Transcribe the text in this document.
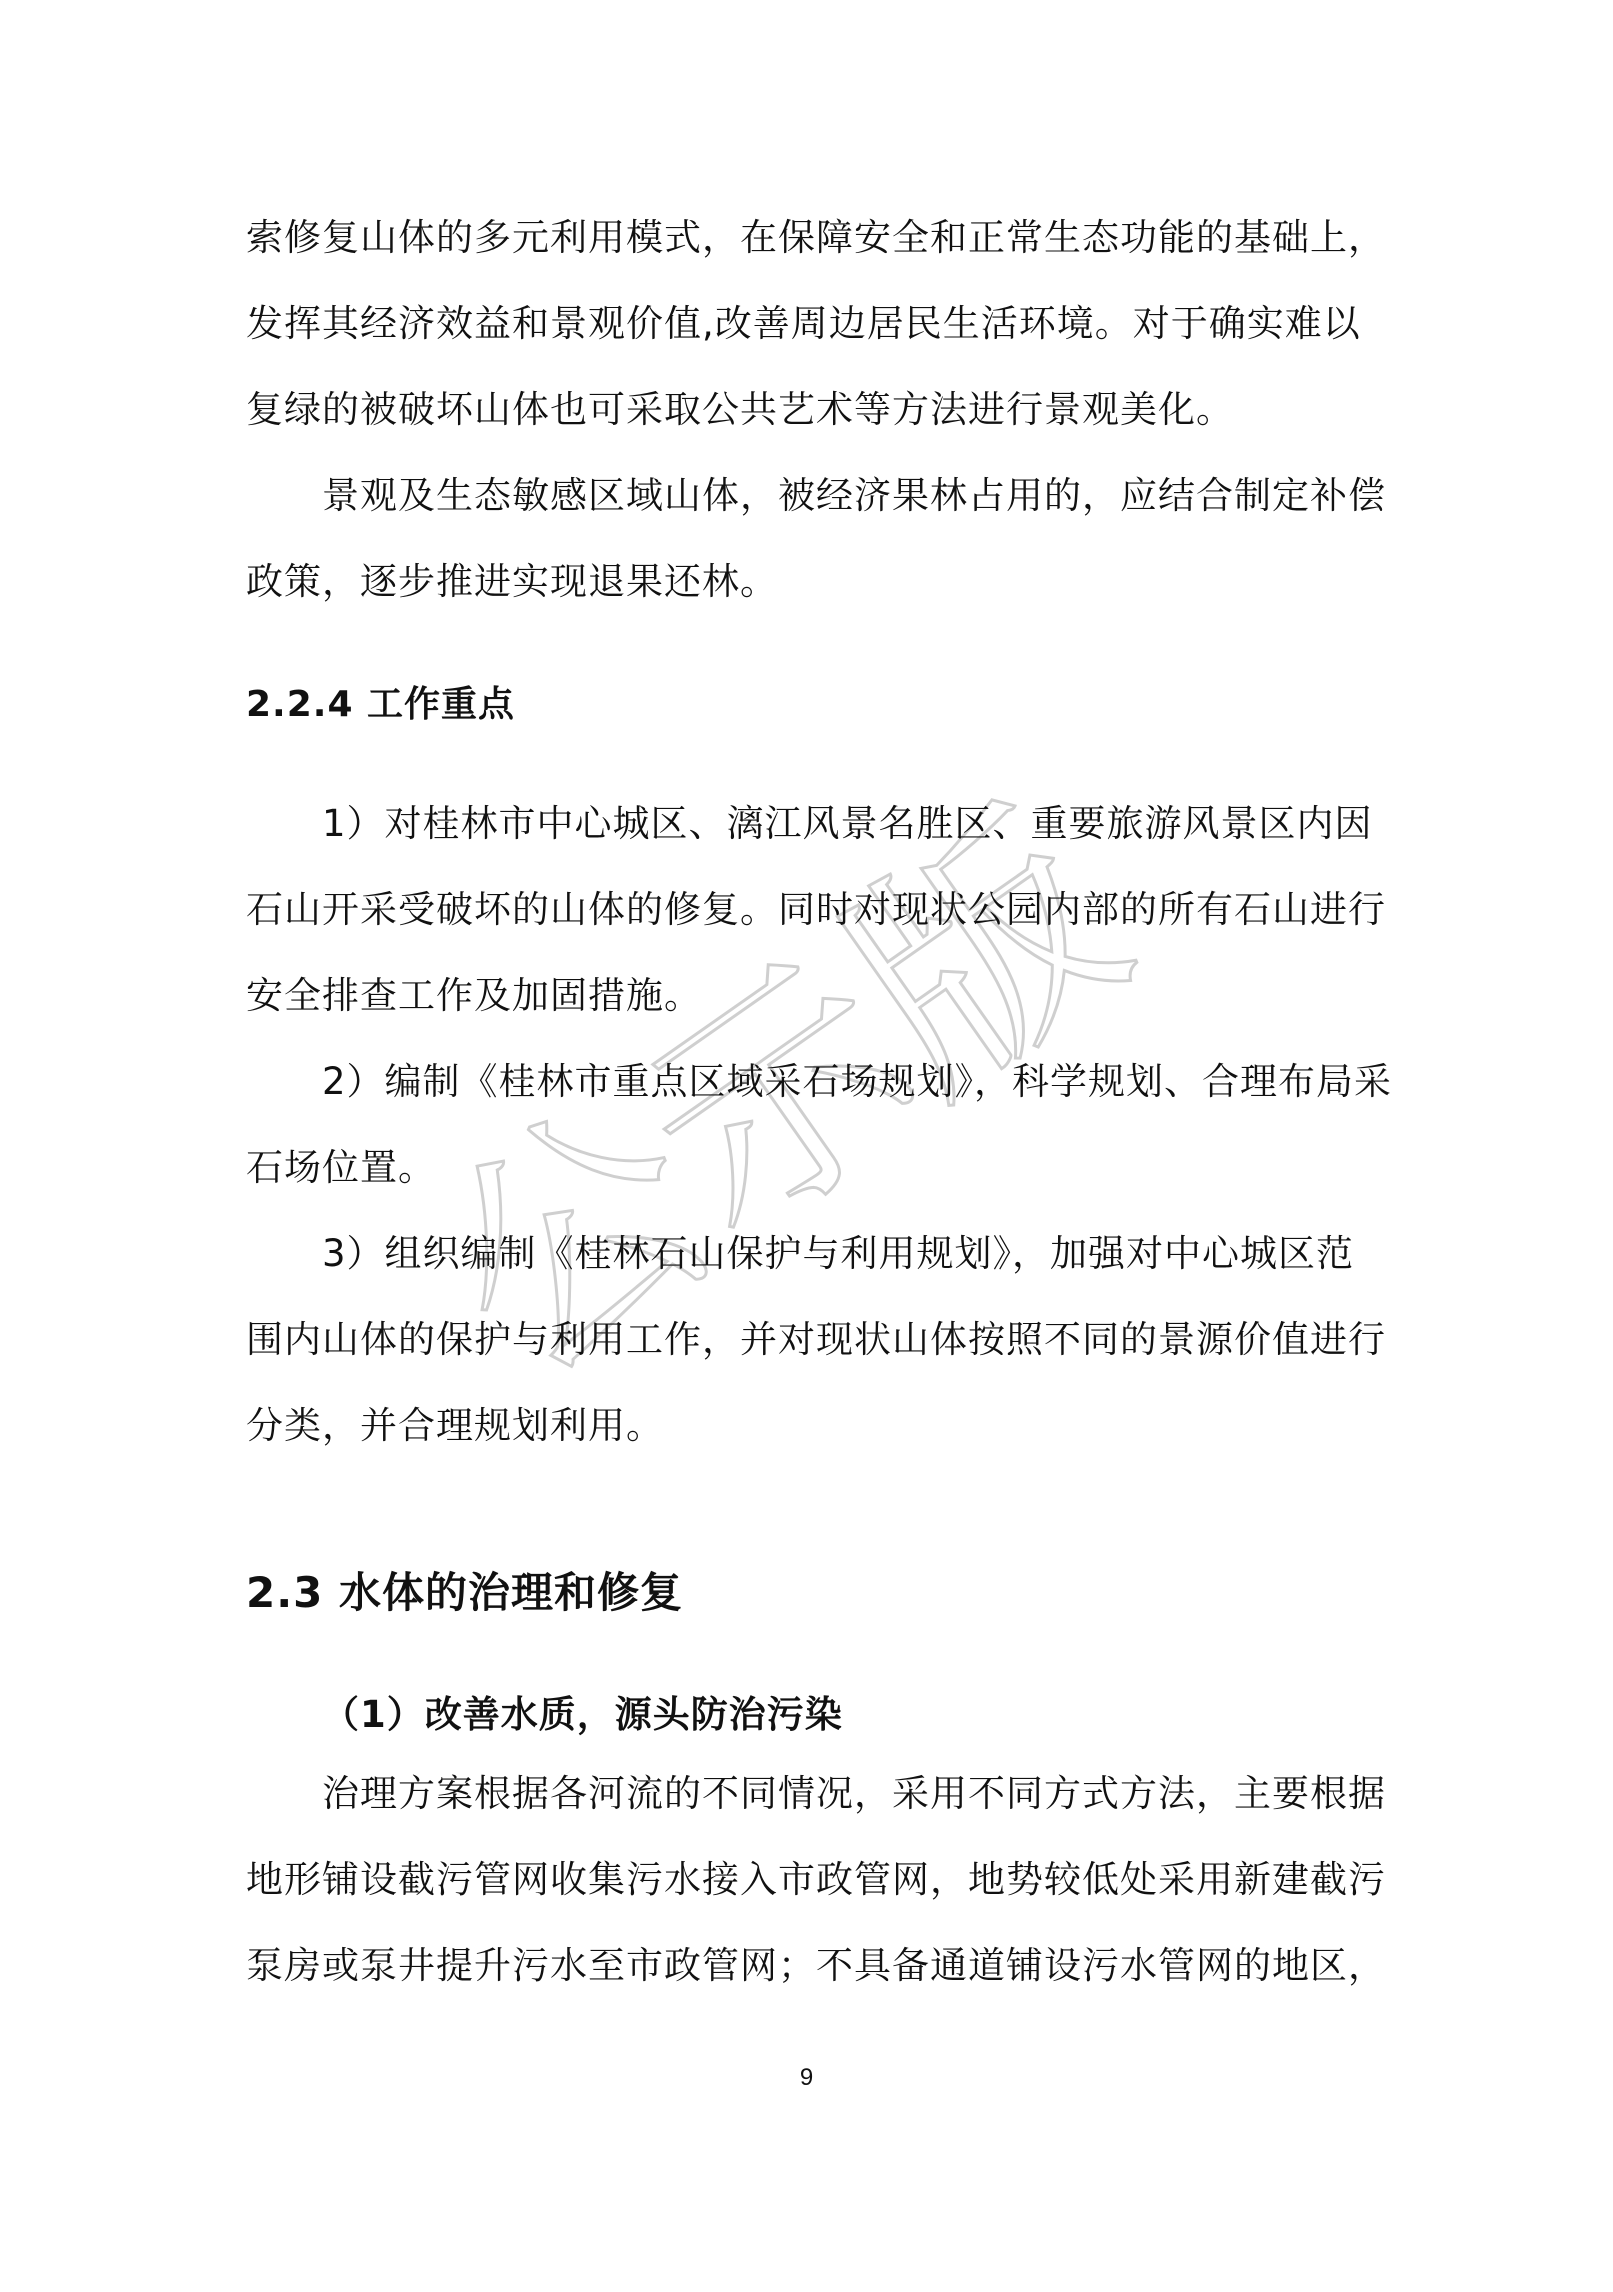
公示版
索修复山体的多元利用模式，在保障安全和正常生态功能的基础上，
发挥其经济效益和景观价值,改善周边居民生活环境。对于确实难以
复绿的被破坏山体也可采取公共艺术等方法进行景观美化。
景观及生态敏感区域山体，被经济果林占用的，应结合制定补偿
政策，逐步推进实现退果还林。
2.2.4 工作重点
1）对桂林市中心城区、漓江风景名胜区、重要旅游风景区内因
石山开采受破坏的山体的修复。同时对现状公园内部的所有石山进行
安全排查工作及加固措施。
2）编制《桂林市重点区域采石场规划》，科学规划、合理布局采
石场位置。
3）组织编制《桂林石山保护与利用规划》，加强对中心城区范
围内山体的保护与利用工作，并对现状山体按照不同的景源价值进行
分类，并合理规划利用。
2.3 水体的治理和修复
（1）改善水质，源头防治污染
治理方案根据各河流的不同情况，采用不同方式方法，主要根据
地形铺设截污管网收集污水接入市政管网，地势较低处采用新建截污
泵房或泵井提升污水至市政管网；不具备通道铺设污水管网的地区，
9
